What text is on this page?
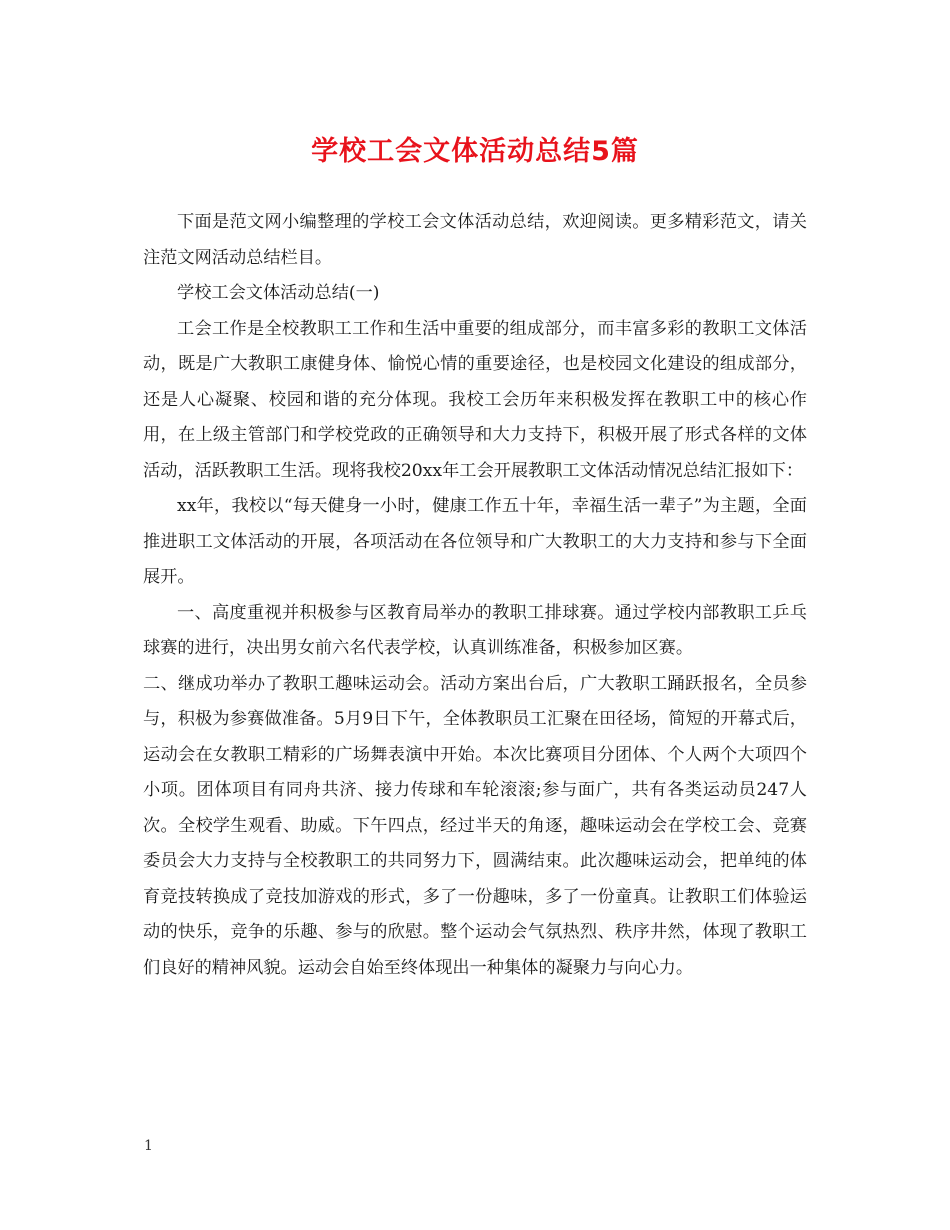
学校工会文体活动总结5篇

下面是范文网小编整理的学校工会文体活动总结，欢迎阅读。更多精彩范文，请关注范文网活动总结栏目。

学校工会文体活动总结(一)

工会工作是全校教职工工作和生活中重要的组成部分，而丰富多彩的教职工文体活动，既是广大教职工康健身体、愉悦心情的重要途径，也是校园文化建设的组成部分，还是人心凝聚、校园和谐的充分体现。我校工会历年来积极发挥在教职工中的核心作用，在上级主管部门和学校党政的正确领导和大力支持下，积极开展了形式各样的文体活动，活跃教职工生活。现将我校20xx年工会开展教职工文体活动情况总结汇报如下：

xx年，我校以“每天健身一小时，健康工作五十年，幸福生活一辈子”为主题，全面推进职工文体活动的开展，各项活动在各位领导和广大教职工的大力支持和参与下全面展开。

一、高度重视并积极参与区教育局举办的教职工排球赛。通过学校内部教职工乒乓球赛的进行，决出男女前六名代表学校，认真训练准备，积极参加区赛。

二、继成功举办了教职工趣味运动会。活动方案出台后，广大教职工踊跃报名，全员参与，积极为参赛做准备。5月9日下午，全体教职员工汇聚在田径场，简短的开幕式后，运动会在女教职工精彩的广场舞表演中开始。本次比赛项目分团体、个人两个大项四个小项。团体项目有同舟共济、接力传球和车轮滚滚;参与面广，共有各类运动员247人次。全校学生观看、助威。下午四点，经过半天的角逐，趣味运动会在学校工会、竞赛委员会大力支持与全校教职工的共同努力下，圆满结束。此次趣味运动会，把单纯的体育竞技转换成了竞技加游戏的形式，多了一份趣味，多了一份童真。让教职工们体验运动的快乐，竞争的乐趣、参与的欣慰。整个运动会气氛热烈、秩序井然，体现了教职工们良好的精神风貌。运动会自始至终体现出一种集体的凝聚力与向心力。

1
